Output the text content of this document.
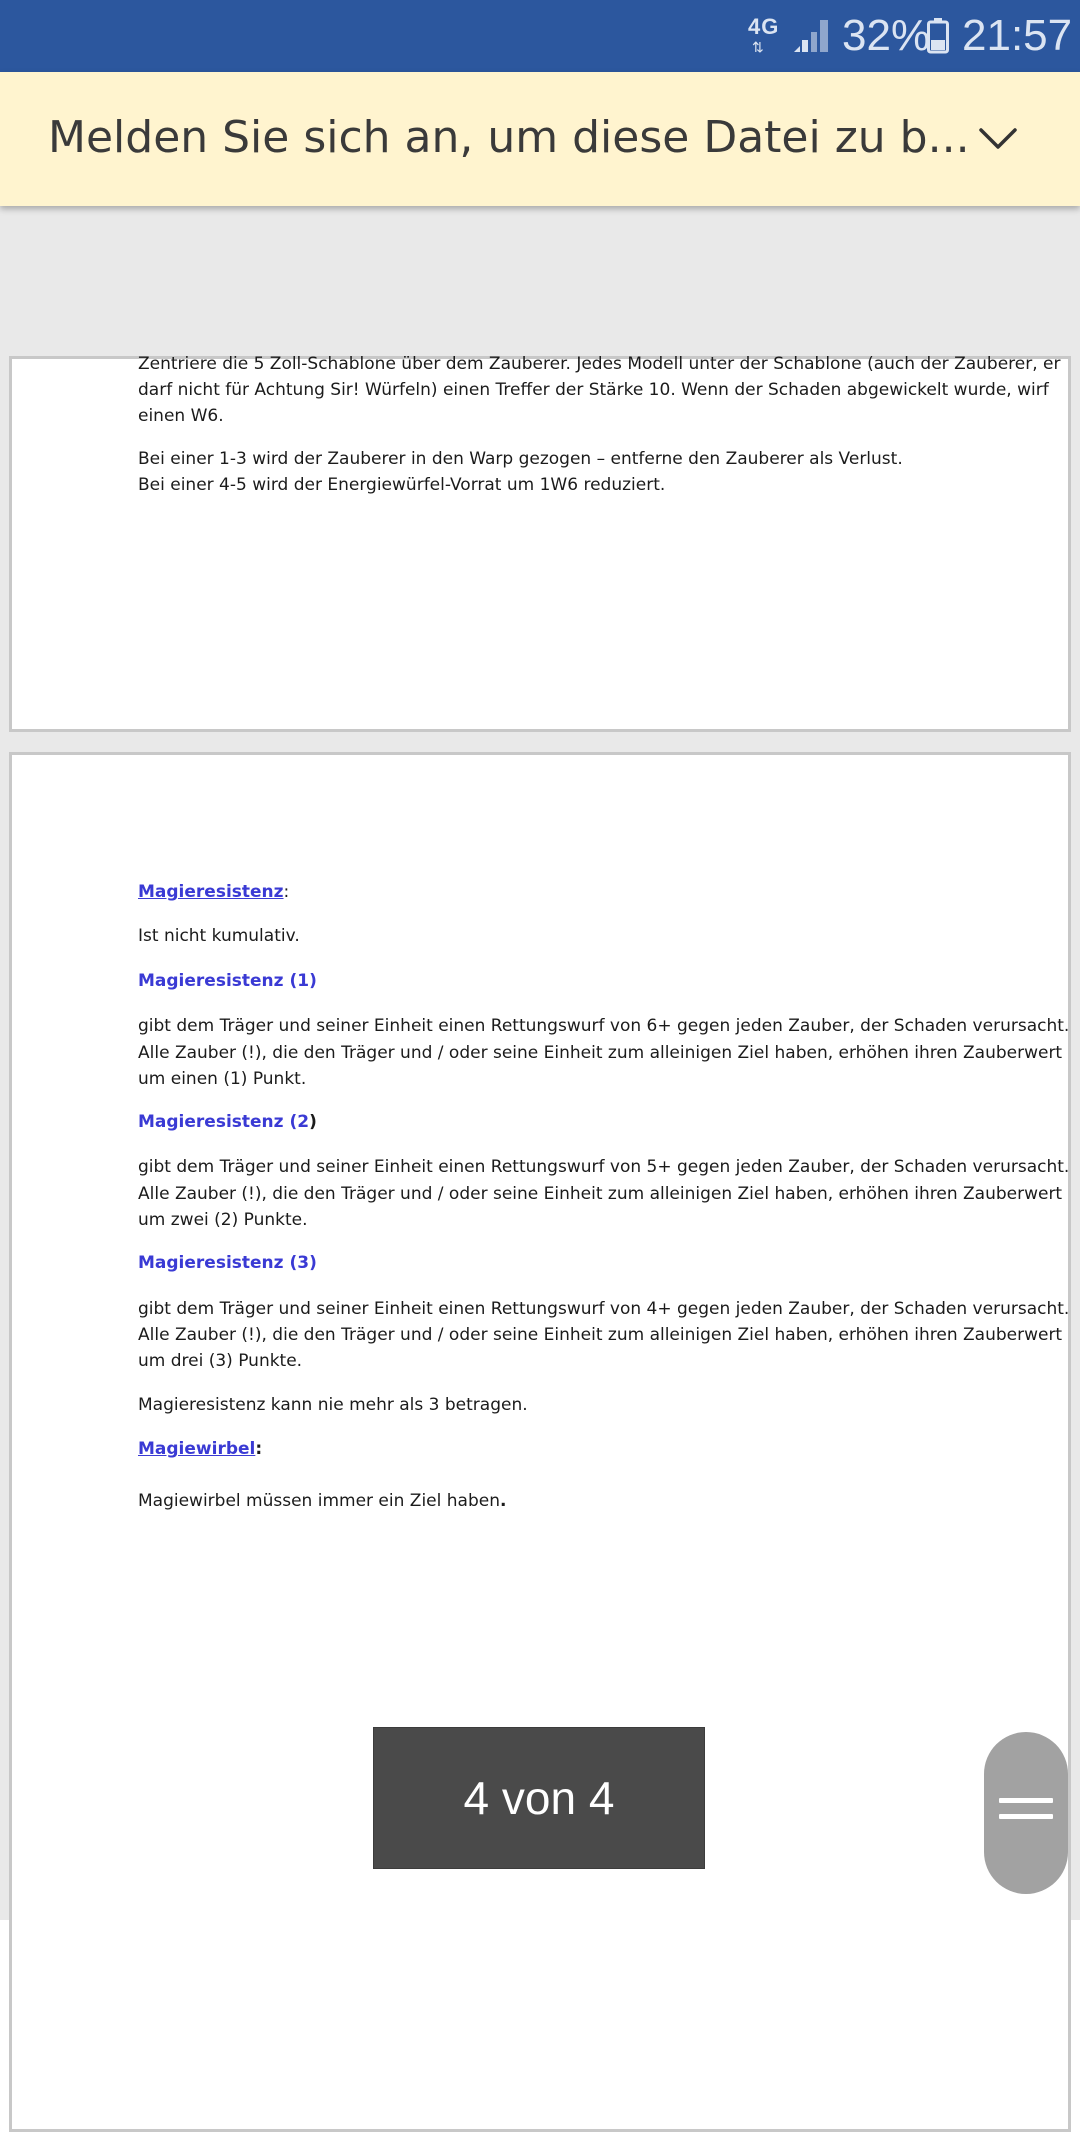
4G
⇅ 32% 21:57
Zentriere die 5 Zoll-Schablone über dem Zauberer. Jedes Modell unter der Schablone (auch der Zauberer, er
darf nicht für Achtung Sir! Würfeln) einen Treffer der Stärke 10. Wenn der Schaden abgewickelt wurde, wirf
einen W6.
Bei einer 1-3 wird der Zauberer in den Warp gezogen – entferne den Zauberer als Verlust.
Bei einer 4-5 wird der Energiewürfel-Vorrat um 1W6 reduziert.
Magieresistenz:
Ist nicht kumulativ.
Magieresistenz (1)
gibt dem Träger und seiner Einheit einen Rettungswurf von 6+ gegen jeden Zauber, der Schaden verursacht.
Alle Zauber (!), die den Träger und / oder seine Einheit zum alleinigen Ziel haben, erhöhen ihren Zauberwert
um einen (1) Punkt.
Magieresistenz (2)
gibt dem Träger und seiner Einheit einen Rettungswurf von 5+ gegen jeden Zauber, der Schaden verursacht.
Alle Zauber (!), die den Träger und / oder seine Einheit zum alleinigen Ziel haben, erhöhen ihren Zauberwert
um zwei (2) Punkte.
Magieresistenz (3)
gibt dem Träger und seiner Einheit einen Rettungswurf von 4+ gegen jeden Zauber, der Schaden verursacht.
Alle Zauber (!), die den Träger und / oder seine Einheit zum alleinigen Ziel haben, erhöhen ihren Zauberwert
um drei (3) Punkte.
Magieresistenz kann nie mehr als 3 betragen.
Magiewirbel:
Magiewirbel müssen immer ein Ziel haben.
Melden Sie sich an, um diese Datei zu b...
4 von 4
